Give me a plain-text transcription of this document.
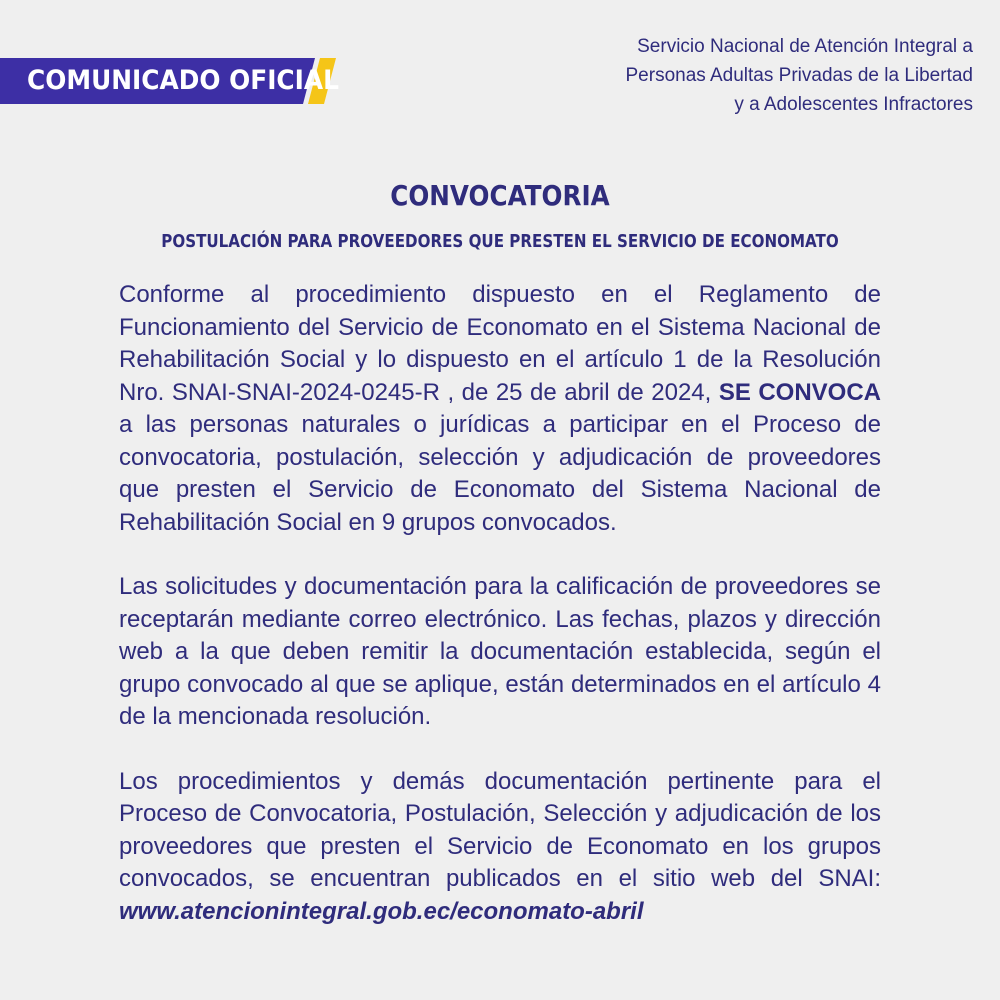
COMUNICADO OFICIAL
Servicio Nacional de Atención Integral a
Personas Adultas Privadas de la Libertad
y a Adolescentes Infractores
CONVOCATORIA
POSTULACIÓN PARA PROVEEDORES QUE PRESTEN EL SERVICIO DE ECONOMATO

Conforme al procedimiento dispuesto en el Reglamento de Funcionamiento del Servicio de Economato en el Sistema Nacional de Rehabilitación Social y lo dispuesto en el artículo 1 de la Resolución Nro. SNAI-SNAI-2024-0245-R , de 25 de abril de 2024, SE CONVOCA a las personas naturales o jurídicas a participar en el Proceso de convocatoria, postulación, selección y adjudicación de proveedores que presten el Servicio de Economato del Sistema Nacional de Rehabilitación Social en 9 grupos convocados.

Las solicitudes y documentación para la calificación de proveedores se receptarán mediante correo electrónico. Las fechas, plazos y dirección web a la que deben remitir la documentación establecida, según el grupo convocado al que se aplique, están determinados en el artículo 4 de la mencionada resolución.

Los procedimientos y demás documentación pertinente para el Proceso de Convocatoria, Postulación, Selección y adjudicación de los proveedores que presten el Servicio de Economato en los grupos convocados, se encuentran publicados en el sitio web del SNAI: www.atencionintegral.gob.ec/economato-abril
